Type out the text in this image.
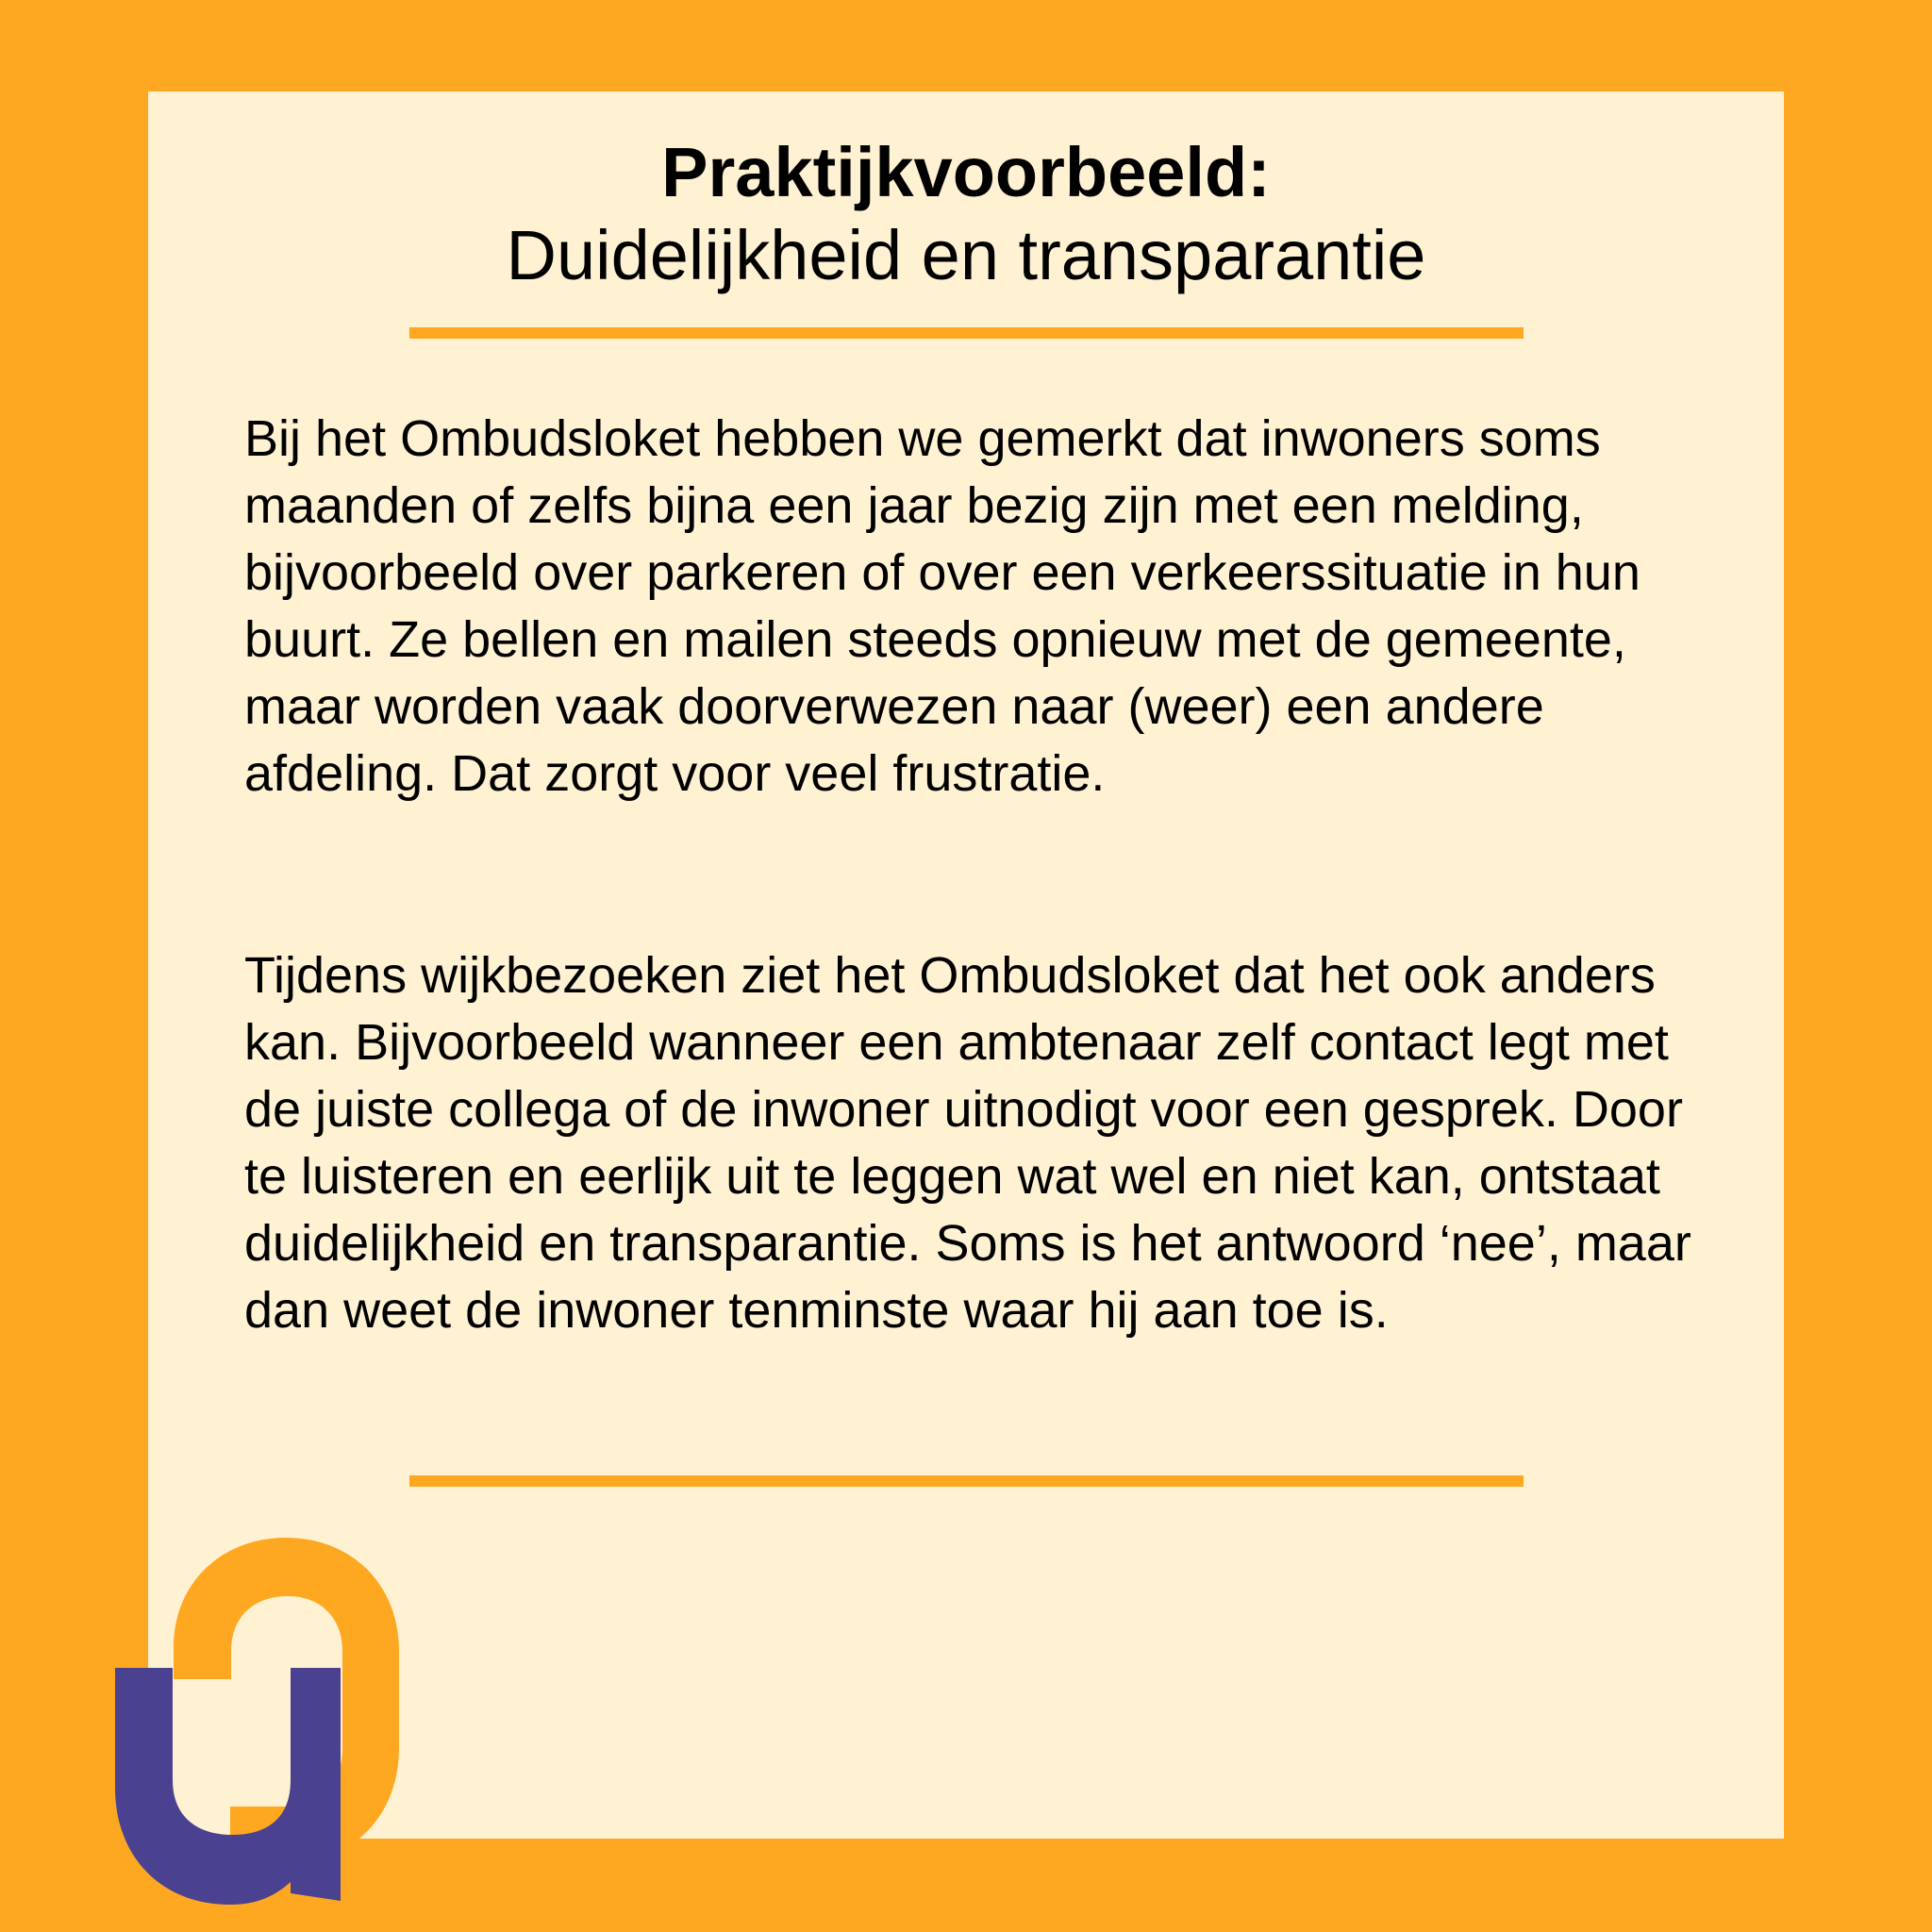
Praktijkvoorbeeld:
Duidelijkheid en transparantie

Bij het Ombudsloket hebben we gemerkt dat inwoners soms maanden of zelfs bijna een jaar bezig zijn met een melding, bijvoorbeeld over parkeren of over een verkeerssituatie in hun buurt. Ze bellen en mailen steeds opnieuw met de gemeente, maar worden vaak doorverwezen naar (weer) een andere afdeling. Dat zorgt voor veel frustratie.

Tijdens wijkbezoeken ziet het Ombudsloket dat het ook anders kan. Bijvoorbeeld wanneer een ambtenaar zelf contact legt met de juiste collega of de inwoner uitnodigt voor een gesprek. Door te luisteren en eerlijk uit te leggen wat wel en niet kan, ontstaat duidelijkheid en transparantie. Soms is het antwoord ‘nee’, maar dan weet de inwoner tenminste waar hij aan toe is.
